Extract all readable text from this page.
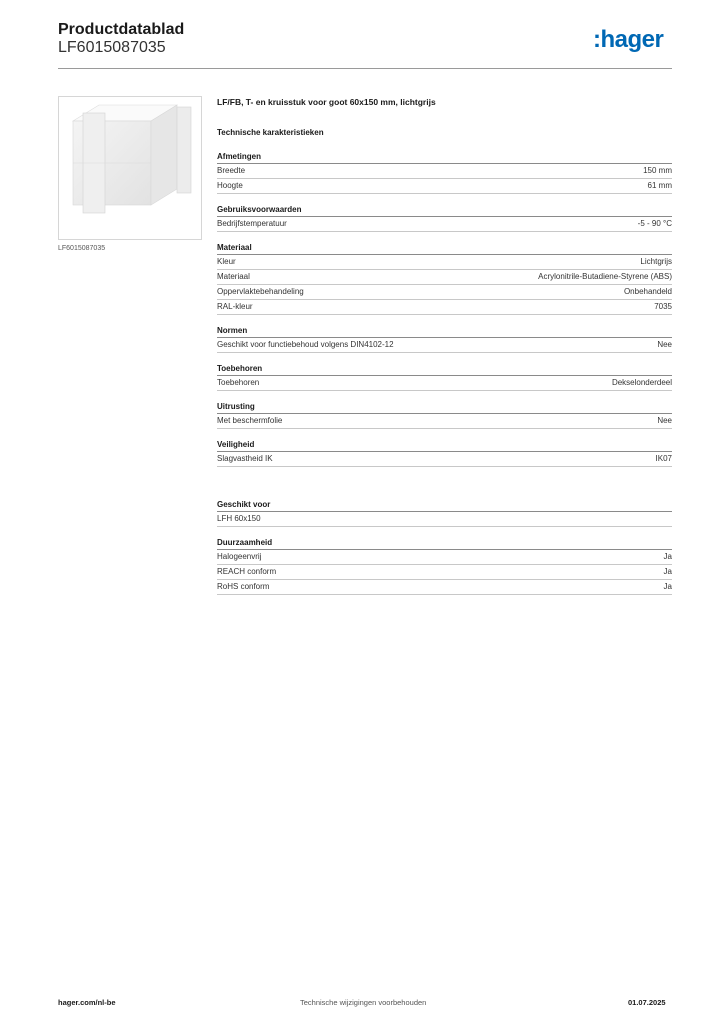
Productdatablad
LF6015087035	:hager
LF6015087035
LF/FB, T- en kruisstuk voor goot 60x150 mm, lichtgrijs
Technische karakteristieken
Afmetingen
Breedte	150 mm
Hoogte	61 mm
Gebruiksvoorwaarden
Bedrijfstemperatuur	-5 - 90 °C
Materiaal
Kleur	Lichtgrijs
Materiaal	Acrylonitrile-Butadiene-Styrene (ABS)
Oppervlaktebehandeling	Onbehandeld
RAL-kleur	7035
Normen
Geschikt voor functiebehoud volgens DIN4102-12	Nee
Toebehoren
Toebehoren	Dekselonderdeel
Uitrusting
Met beschermfolie	Nee
Veiligheid
Slagvastheid IK	IK07
Geschikt voor
LFH 60x150
Duurzaamheid
Halogeenvrij	Ja
REACH conform	Ja
RoHS conform	Ja
hager.com/nl-be	Technische wijzigingen voorbehouden	01.07.2025
